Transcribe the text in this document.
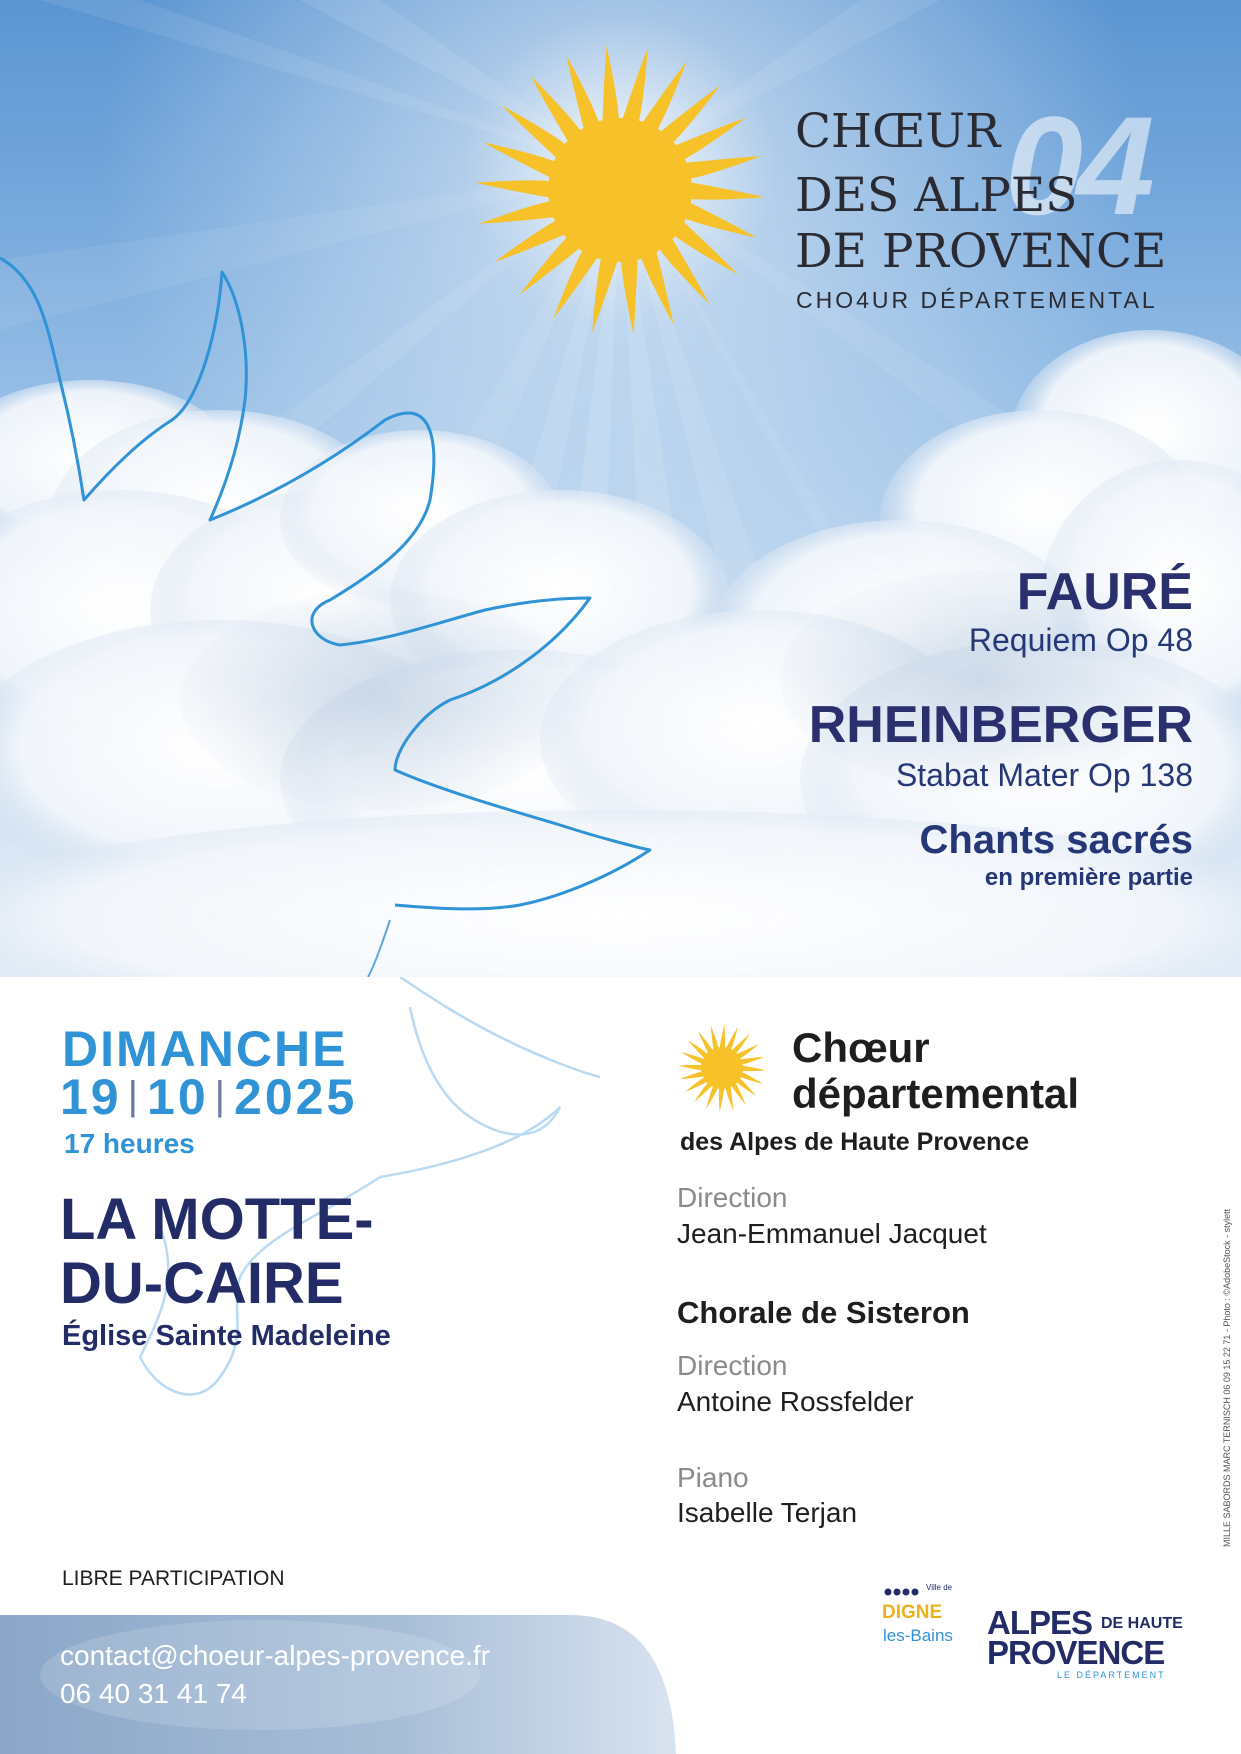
CHŒUR 04
DES ALPES
DE PROVENCE
CHO4UR DÉPARTEMENTAL
FAURÉ
Requiem Op 48
RHEINBERGER
Stabat Mater Op 138
Chants sacrés
en première partie
DIMANCHE
19 | 10 | 2025
17 heures
LA MOTTE-
DU-CAIRE
Église Sainte Madeleine
LIBRE PARTICIPATION
Chœur
départemental
des Alpes de Haute Provence
Direction
Jean-Emmanuel Jacquet
Chorale de Sisteron
Direction
Antoine Rossfelder
Piano
Isabelle Terjan	MILLE SABORDS MARC TERNISCH 06 09 15 22 71 - Photo : ©AdobeStock - stylett
contact@choeur-alpes-provence.fr
06 40 31 41 74
Ville de
DIGNE
les-Bains ALPES DE HAUTE
PROVENCE
LE DÉPARTEMENT
